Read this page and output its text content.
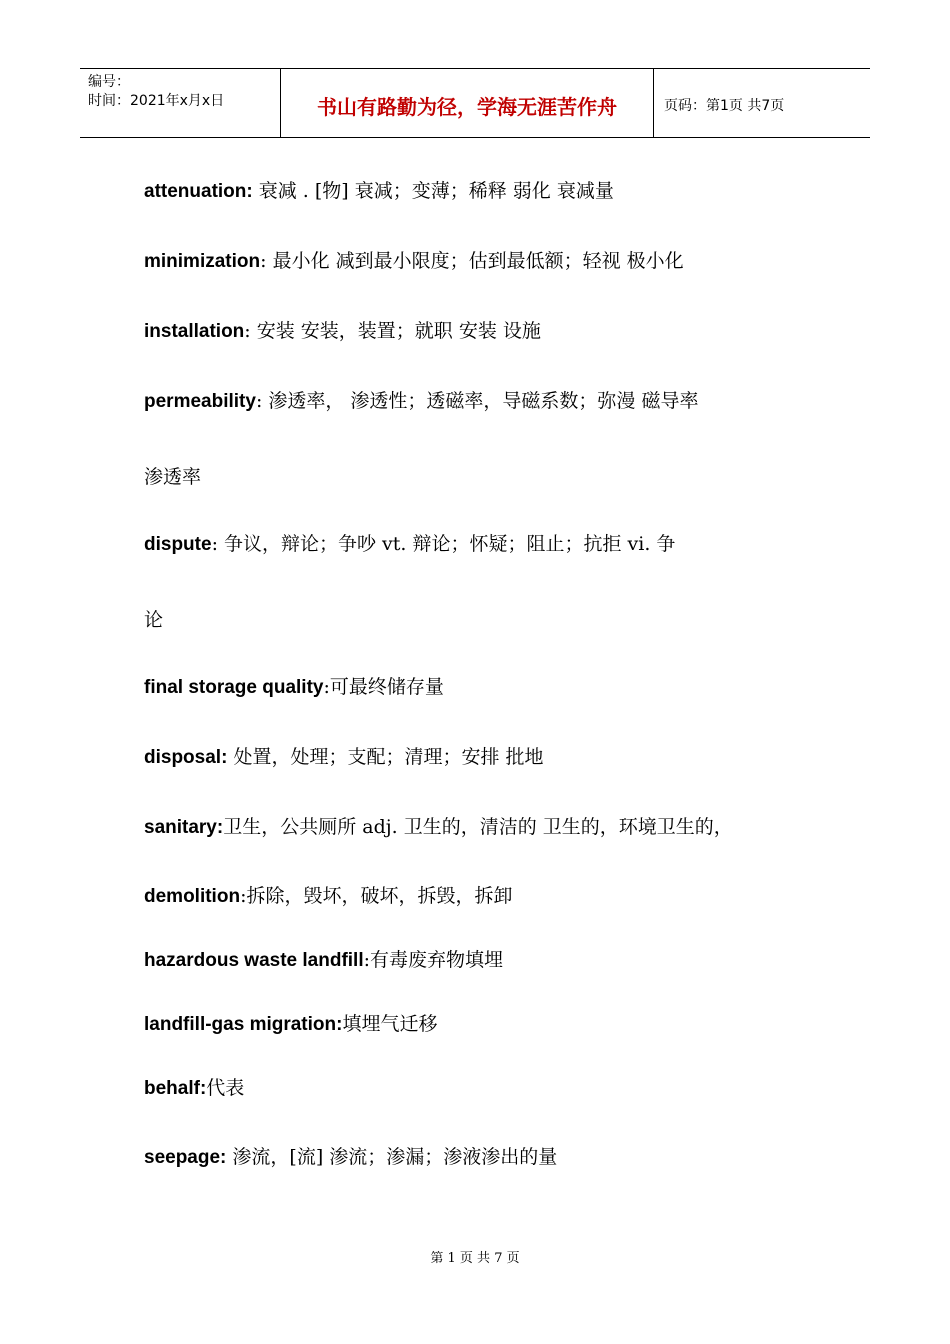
编号：
时间：2021年x月x日	书山有路勤为径，学海无涯苦作舟	页码：第1页 共7页
attenuation: 衰减 . [物] 衰减；变薄；稀释 弱化 衰减量
minimization: 最小化 减到最小限度；估到最低额；轻视 极小化
installation: 安装 安装，装置；就职 安装 设施
permeability: 渗透率， 渗透性；透磁率，导磁系数；弥漫 磁导率
渗透率
dispute: 争议，辩论；争吵 vt. 辩论；怀疑；阻止；抗拒 vi. 争
论
final storage quality:可最终储存量
disposal: 处置，处理；支配；清理；安排 批地
sanitary:卫生，公共厕所 adj. 卫生的，清洁的 卫生的，环境卫生的，
demolition:拆除，毁坏，破坏，拆毁，拆卸
hazardous waste landfill:有毒废弃物填埋
landfill-gas migration:填埋气迁移
behalf:代表
seepage: 渗流，[流] 渗流；渗漏；渗液渗出的量
第 1 页 共 7 页
